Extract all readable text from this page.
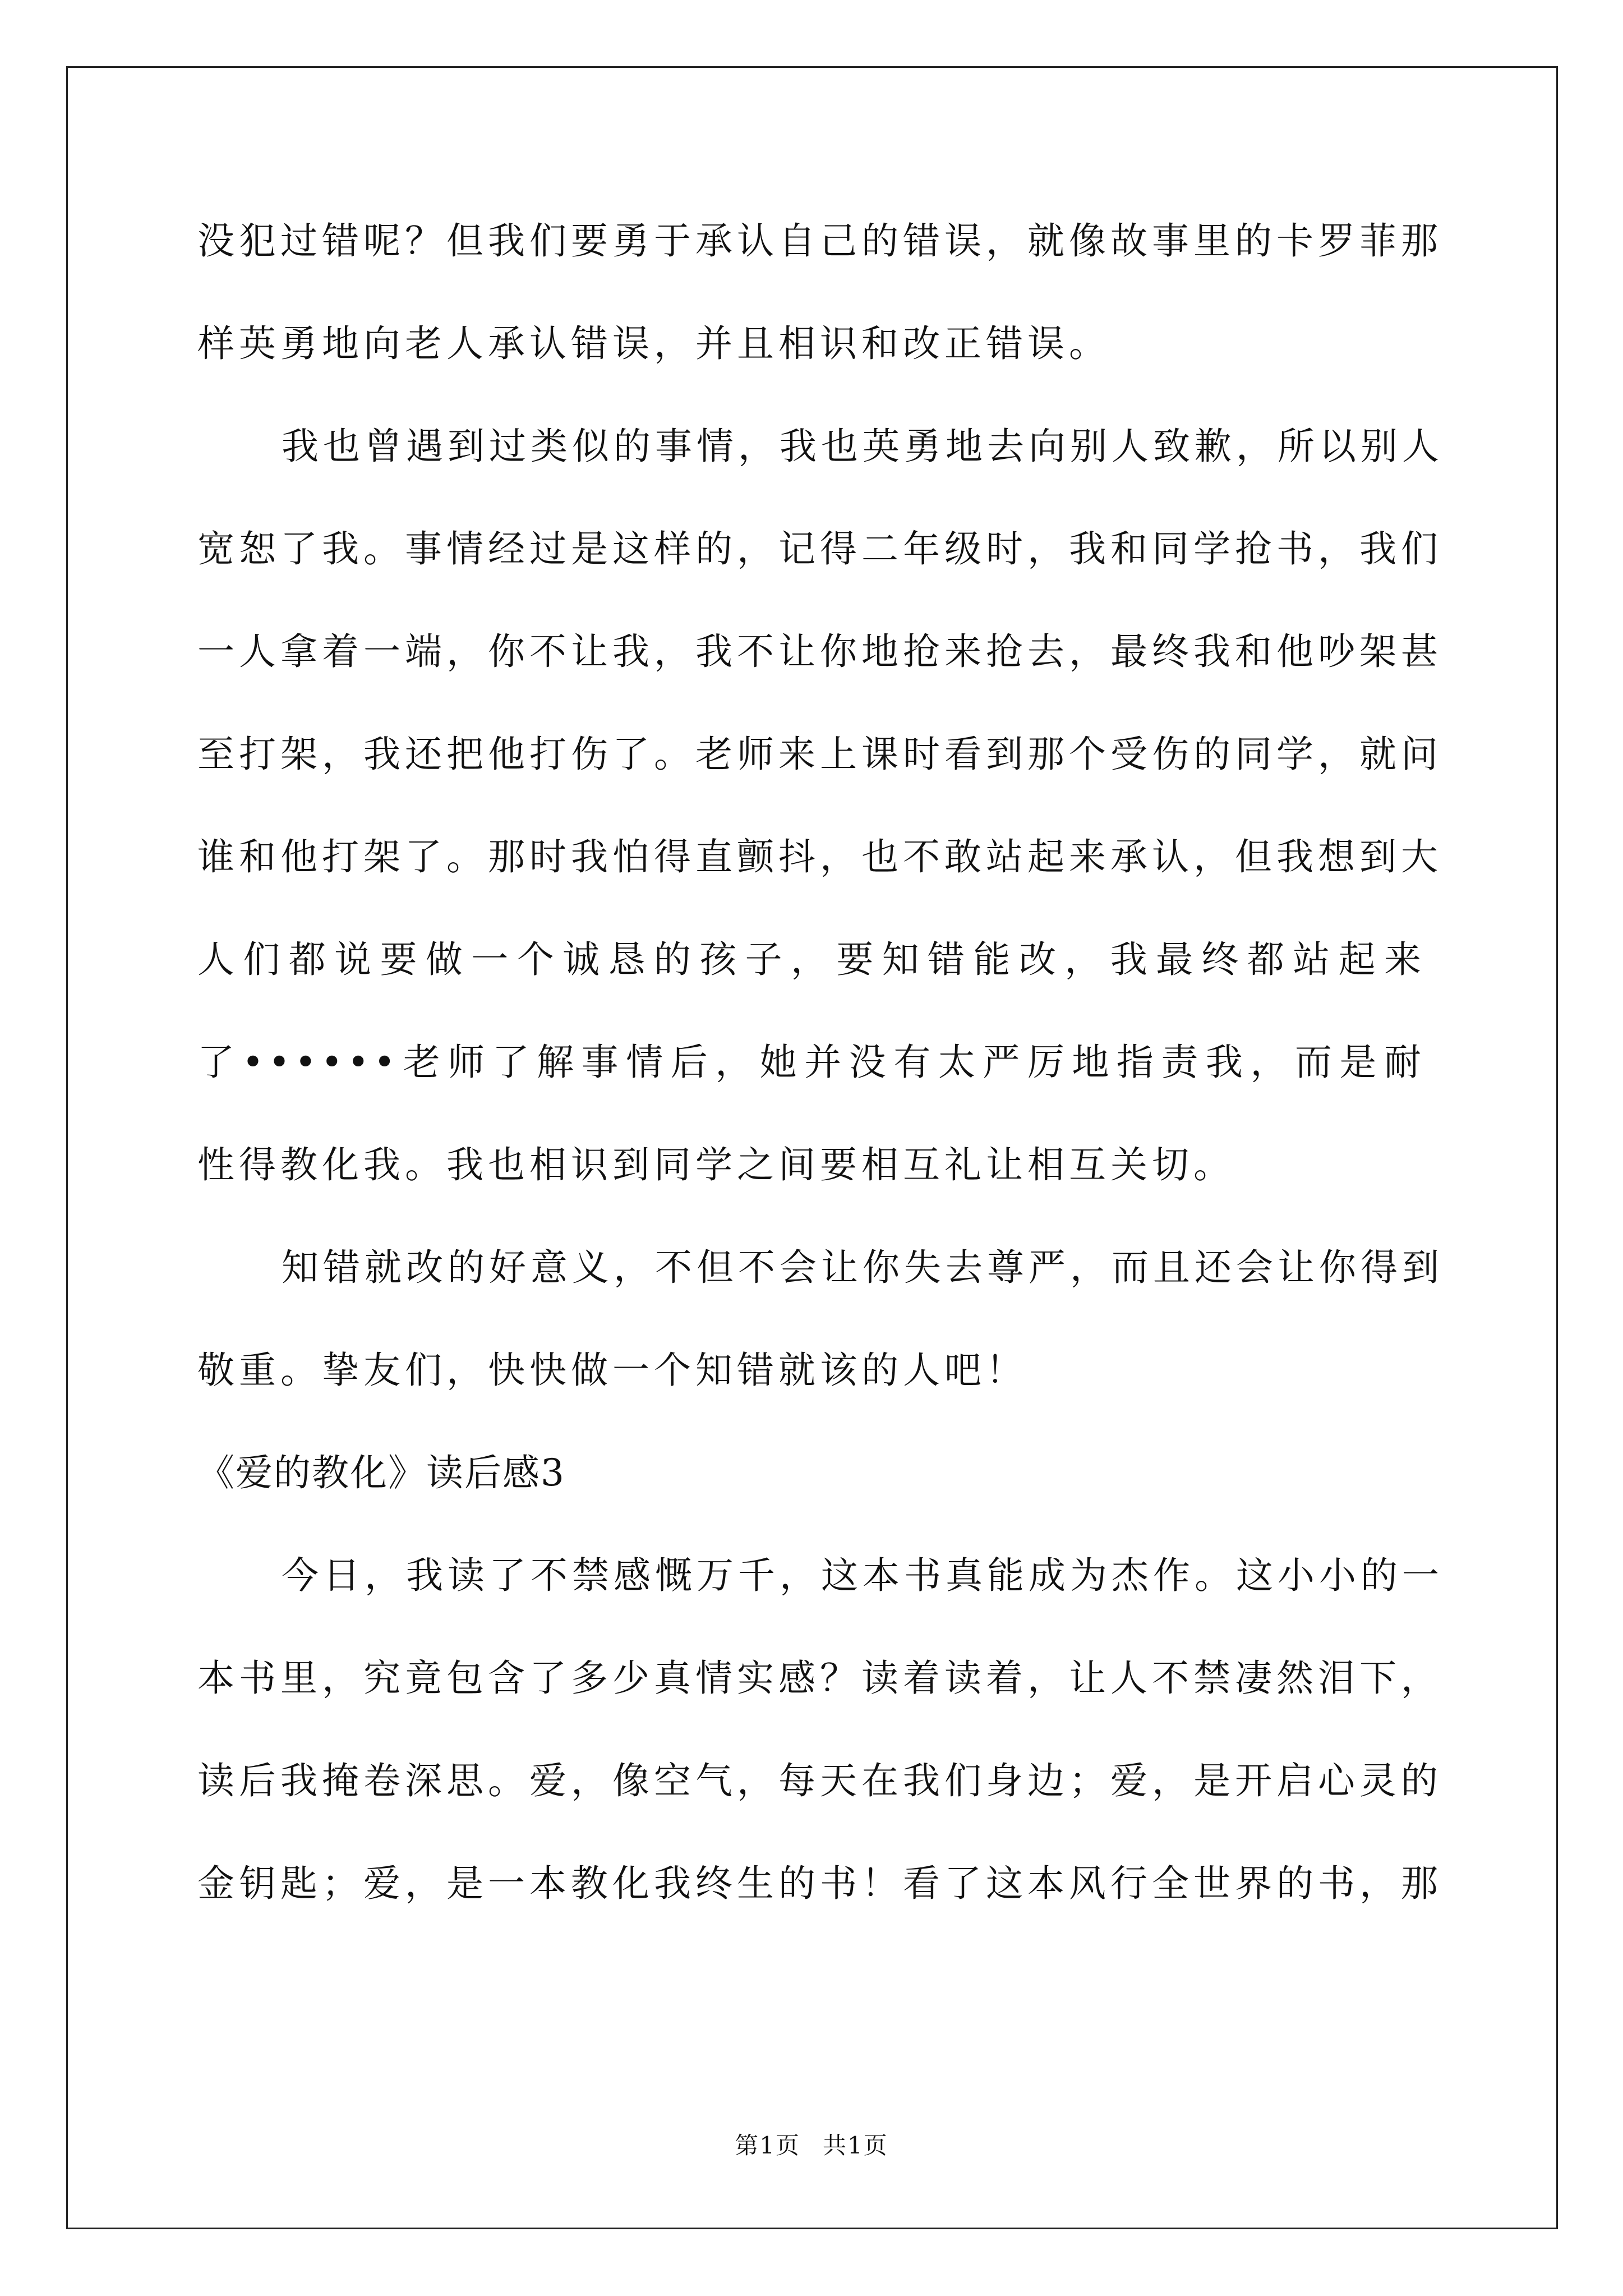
没犯过错呢？但我们要勇于承认自己的错误，就像故事里的卡罗菲那
样英勇地向老人承认错误，并且相识和改正错误。
我也曾遇到过类似的事情，我也英勇地去向别人致歉，所以别人
宽恕了我。事情经过是这样的，记得二年级时，我和同学抢书，我们
一人拿着一端，你不让我，我不让你地抢来抢去，最终我和他吵架甚
至打架，我还把他打伤了。老师来上课时看到那个受伤的同学，就问
谁和他打架了。那时我怕得直颤抖，也不敢站起来承认，但我想到大
人们都说要做一个诚恳的孩子，要知错能改，我最终都站起来
了••••••老师了解事情后，她并没有太严厉地指责我，而是耐
性得教化我。我也相识到同学之间要相互礼让相互关切。
知错就改的好意义，不但不会让你失去尊严，而且还会让你得到
敬重。挚友们，快快做一个知错就该的人吧！
《爱的教化》读后感3
今日，我读了不禁感慨万千，这本书真能成为杰作。这小小的一
本书里，究竟包含了多少真情实感？读着读着，让人不禁凄然泪下，
读后我掩卷深思。爱，像空气，每天在我们身边；爱，是开启心灵的
金钥匙；爱，是一本教化我终生的书！看了这本风行全世界的书，那
第1页 共1页
